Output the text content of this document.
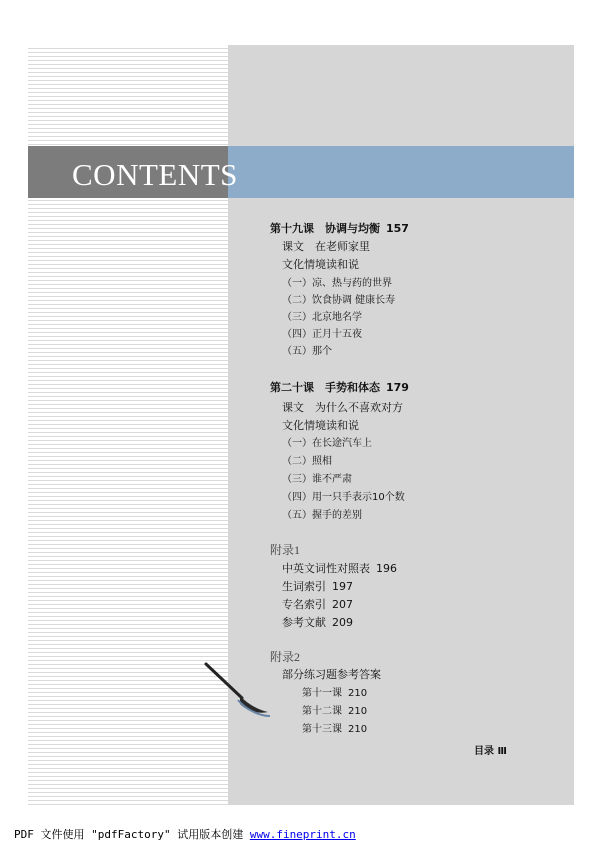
CONTENTS
第十九课　协调与均衡 157
课文　在老师家里
文化情境读和说
（一）凉、热与药的世界
（二）饮食协调 健康长寿
（三）北京地名学
（四）正月十五夜
（五）那个
第二十课　手势和体态 179
课文　为什么不喜欢对方
文化情境读和说
（一）在长途汽车上
（二）照相
（三）谁不严肃
（四）用一只手表示10个数
（五）握手的差别
附录1
中英文词性对照表 196
生词索引 197
专名索引 207
参考文献 209
附录2
部分练习题参考答案
第十一课 210
第十二课 210
第十三课 210
目录 Ⅲ
PDF 文件使用 "pdfFactory" 试用版本创建 www.fineprint.cn
